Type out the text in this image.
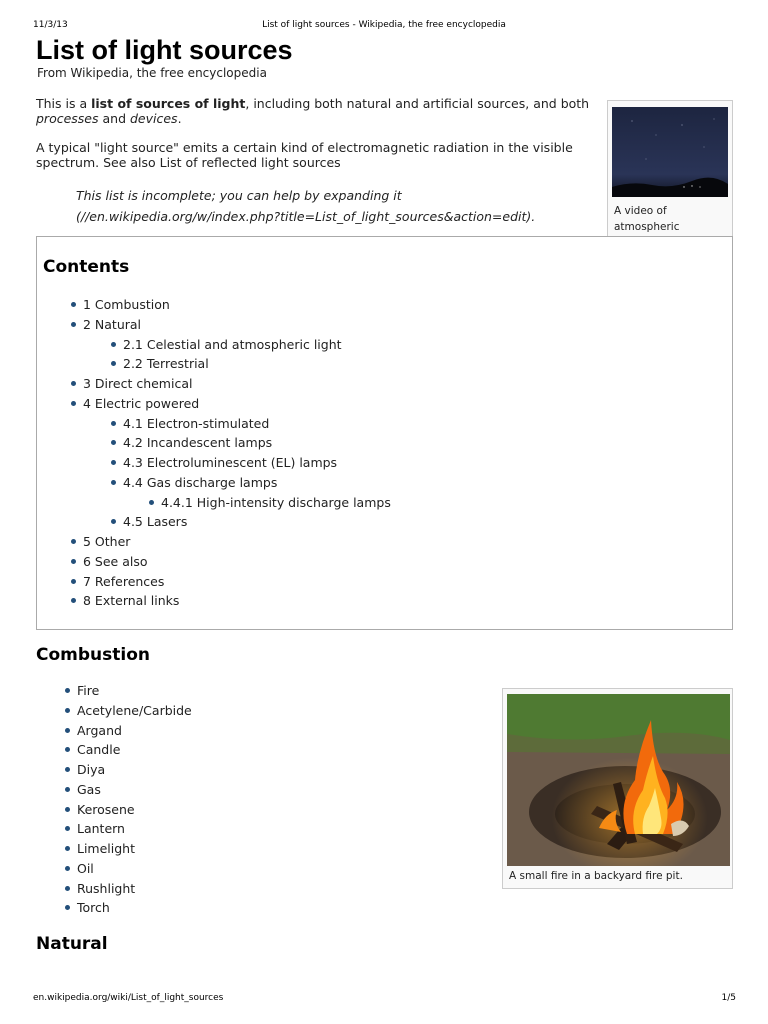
11/3/13	List of light sources - Wikipedia, the free encyclopedia
List of light sources
From Wikipedia, the free encyclopedia

This is a list of sources of light, including both natural and artificial sources, and both processes and devices.

A typical "light source" emits a certain kind of electromagnetic radiation in the visible spectrum. See also List of reflected light sources

This list is incomplete; you can help by expanding it (//en.wikipedia.org/w/index.php?title=List_of_light_sources&action=edit).	A video of atmospheric
Contents
1 Combustion
2 Natural
2.1 Celestial and atmospheric light
2.2 Terrestrial
3 Direct chemical
4 Electric powered
4.1 Electron-stimulated
4.2 Incandescent lamps
4.3 Electroluminescent (EL) lamps
4.4 Gas discharge lamps
4.4.1 High-intensity discharge lamps
4.5 Lasers
5 Other
6 See also
7 References
8 External links
Combustion
Fire
Acetylene/Carbide
Argand
Candle
Diya
Gas
Kerosene
Lantern
Limelight
Oil
Rushlight
Torch
A small fire in a backyard fire pit.
Natural
en.wikipedia.org/wiki/List_of_light_sources	1/5
